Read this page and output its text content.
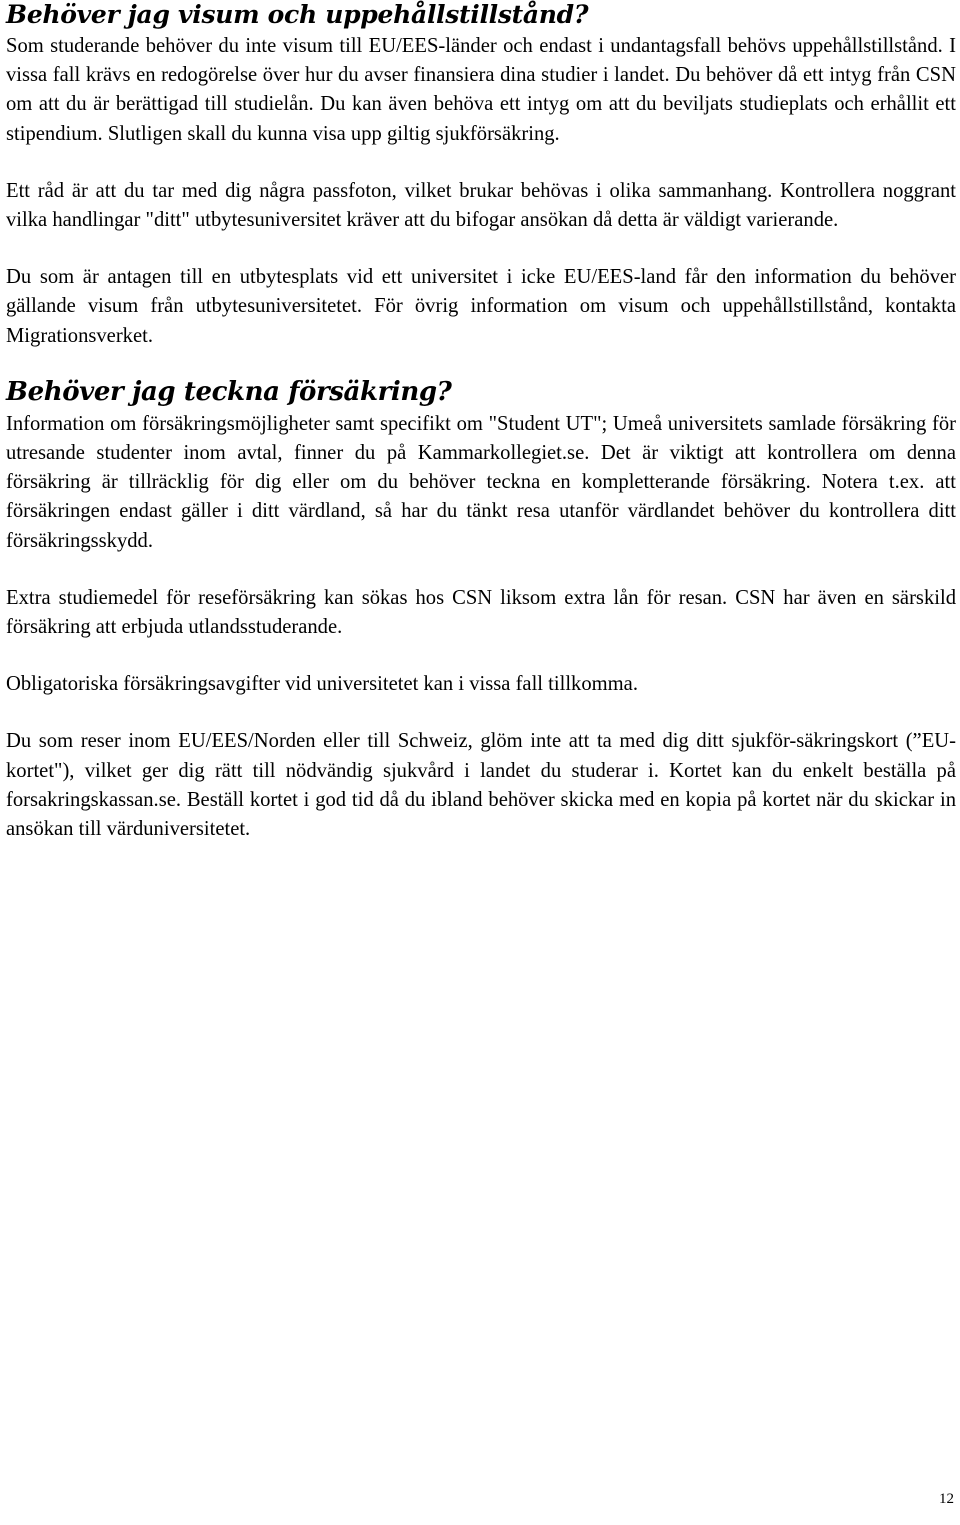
Behöver jag visum och uppehållstillstånd?

Som studerande behöver du inte visum till EU/EES-länder och endast i undantagsfall behövs uppehållstillstånd. I vissa fall krävs en redogörelse över hur du avser finansiera dina studier i landet. Du behöver då ett intyg från CSN om att du är berättigad till studielån. Du kan även behöva ett intyg om att du beviljats studieplats och erhållit ett stipendium. Slutligen skall du kunna visa upp giltig sjukförsäkring.

Ett råd är att du tar med dig några passfoton, vilket brukar behövas i olika sammanhang. Kontrollera noggrant vilka handlingar "ditt" utbytesuniversitet kräver att du bifogar ansökan då detta är väldigt varierande.

Du som är antagen till en utbytesplats vid ett universitet i icke EU/EES-land får den information du behöver gällande visum från utbytesuniversitetet. För övrig information om visum och uppehållstillstånd, kontakta Migrationsverket.

Behöver jag teckna försäkring?

Information om försäkringsmöjligheter samt specifikt om "Student UT"; Umeå universitets samlade försäkring för utresande studenter inom avtal, finner du på Kammarkollegiet.se. Det är viktigt att kontrollera om denna försäkring är tillräcklig för dig eller om du behöver teckna en kompletterande försäkring. Notera t.ex. att försäkringen endast gäller i ditt värdland, så har du tänkt resa utanför värdlandet behöver du kontrollera ditt försäkringsskydd.

Extra studiemedel för reseförsäkring kan sökas hos CSN liksom extra lån för resan. CSN har även en särskild försäkring att erbjuda utlandsstuderande.

Obligatoriska försäkringsavgifter vid universitetet kan i vissa fall tillkomma.

Du som reser inom EU/EES/Norden eller till Schweiz, glöm inte att ta med dig ditt sjukför-säkringskort (”EU-kortet"), vilket ger dig rätt till nödvändig sjukvård i landet du studerar i. Kortet kan du enkelt beställa på forsakringskassan.se. Beställ kortet i god tid då du ibland behöver skicka med en kopia på kortet när du skickar in ansökan till värduniversitetet.

12
